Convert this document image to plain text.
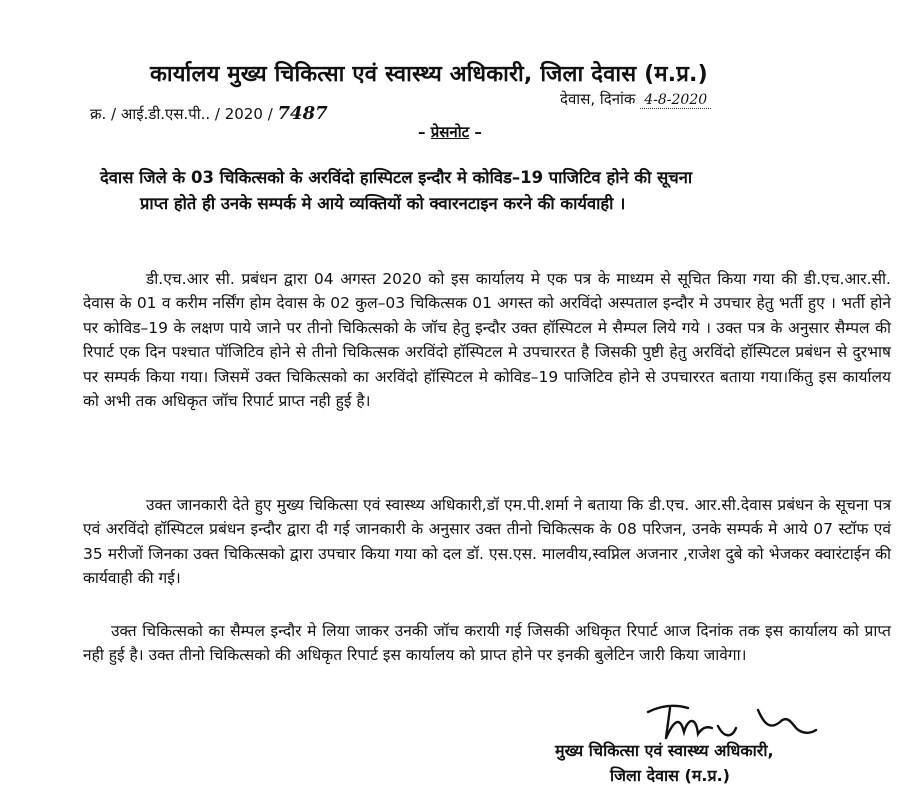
कार्यालय मुख्य चिकित्सा एवं स्वास्थ्य अधिकारी, जिला देवास (म.प्र.)
क्र. / आई.डी.एस.पी.. / 2020 / 7487
देवास, दिनांक 4-8-2020
– प्रेसनोट –
देवास जिले के 03 चिकित्सको के अरविंदो हास्पिटल इन्दौर मे कोविड–19 पाजिटिव होने की सूचना
प्राप्त होते ही उनके सम्पर्क मे आये व्यक्तियों को क्वारनटाइन करने की कार्यवाही ।
डी.एच.आर सी. प्रबंधन द्वारा 04 अगस्त 2020 को इस कार्यालय मे एक पत्र के माध्यम से सूचित किया गया की डी.एच.आर.सी. देवास के 01 व करीम नर्सिंग होम देवास के 02 कुल–03 चिकित्सक 01 अगस्त को अरविंदो अस्पताल इन्दौर मे उपचार हेतु भर्ती हुए । भर्ती होने पर कोविड–19 के लक्षण पाये जाने पर तीनो चिकित्सको के जॉच हेतु इन्दौर उक्त हॉस्पिटल मे सैम्पल लिये गये । उक्त पत्र के अनुसार सैम्पल की रिपार्ट एक दिन पश्चात पॉजिटिव होने से तीनो चिकित्सक अरविंदो हॉस्पिटल मे उपचाररत है जिसकी पुष्टी हेतु अरविंदो हॉस्पिटल प्रबंधन से दुरभाष पर सम्पर्क किया गया। जिसमें उक्त चिकित्सको का अरविंदो हॉस्पिटल मे कोविड–19 पाजिटिव होने से उपचाररत बताया गया।किंतु इस कार्यालय को अभी तक अधिकृत जॉच रिपार्ट प्राप्त नही हुई है।
उक्त जानकारी देते हुए मुख्य चिकित्सा एवं स्वास्थ्य अधिकारी,डॉ एम.पी.शर्मा ने बताया कि डी.एच. आर.सी.देवास प्रबंधन के सूचना पत्र एवं अरविंदो हॉस्पिटल प्रबंधन इन्दौर द्वारा दी गई जानकारी के अनुसार उक्त तीनो चिकित्सक के 08 परिजन, उनके सम्पर्क मे आये 07 स्टॉफ एवं 35 मरीजों जिनका उक्त चिकित्सको द्वारा उपचार किया गया को दल डॉ. एस.एस. मालवीय,स्वप्निल अजनार ,राजेश दुबे को भेजकर क्वारंटाईन की कार्यवाही की गई।
उक्त चिकित्सको का सैम्पल इन्दौर मे लिया जाकर उनकी जॉच करायी गई जिसकी अधिकृत रिपार्ट आज दिनांक तक इस कार्यालय को प्राप्त नही हुई है। उक्त तीनो चिकित्सको की अधिकृत रिपार्ट इस कार्यालय को प्राप्त होने पर इनकी बुलेटिन जारी किया जावेगा।
मुख्य चिकित्सा एवं स्वास्थ्य अधिकारी,
जिला देवास (म.प्र.)
